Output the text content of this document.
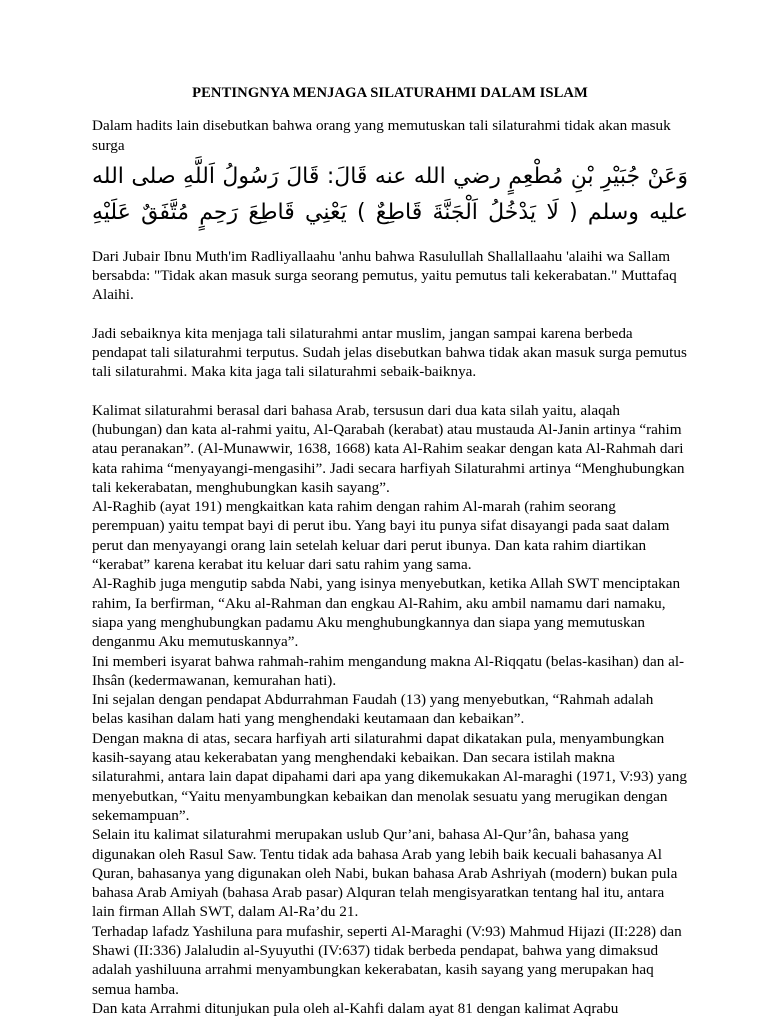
PENTINGNYA MENJAGA SILATURAHMI DALAM ISLAM

Dalam hadits lain disebutkan bahwa orang yang memutuskan tali silaturahmi tidak akan masuk surga

وَعَنْ جُبَيْرِ بْنِ مُطْعِمٍ رضي الله عنه قَالَ: قَالَ رَسُولُ اَللَّهِ صلى الله
عليه وسلم ( لَا يَدْخُلُ اَلْجَنَّةَ قَاطِعٌ ) يَعْنِي قَاطِعَ رَحِمٍ مُتَّفَقٌ عَلَيْهِ

Dari Jubair Ibnu Muth'im Radliyallaahu 'anhu bahwa Rasulullah Shallallaahu 'alaihi wa Sallam bersabda: "Tidak akan masuk surga seorang pemutus, yaitu pemutus tali kekerabatan." Muttafaq Alaihi.

Jadi sebaiknya kita menjaga tali silaturahmi antar muslim, jangan sampai karena berbeda pendapat tali silaturahmi terputus. Sudah jelas disebutkan bahwa tidak akan masuk surga pemutus tali silaturahmi. Maka kita jaga tali silaturahmi sebaik-baiknya.

Kalimat silaturahmi berasal dari bahasa Arab, tersusun dari dua kata silah yaitu, alaqah (hubungan) dan kata al-rahmi yaitu, Al-Qarabah (kerabat) atau mustauda Al-Janin artinya “rahim atau peranakan”. (Al-Munawwir, 1638, 1668) kata Al-Rahim seakar dengan kata Al-Rahmah dari kata rahima “menyayangi-mengasihi”. Jadi secara harfiyah Silaturahmi artinya “Menghubungkan tali kekerabatan, menghubungkan kasih sayang”.

Al-Raghib (ayat 191) mengkaitkan kata rahim dengan rahim Al-marah (rahim seorang perempuan) yaitu tempat bayi di perut ibu. Yang bayi itu punya sifat disayangi pada saat dalam perut dan menyayangi orang lain setelah keluar dari perut ibunya. Dan kata rahim diartikan “kerabat” karena kerabat itu keluar dari satu rahim yang sama.

Al-Raghib juga mengutip sabda Nabi, yang isinya menyebutkan, ketika Allah SWT menciptakan rahim, Ia berfirman, “Aku al-Rahman dan engkau Al-Rahim, aku ambil namamu dari namaku, siapa yang menghubungkan padamu Aku menghubungkannya dan siapa yang memutuskan denganmu Aku memutuskannya”.

Ini memberi isyarat bahwa rahmah-rahim mengandung makna Al-Riqqatu (belas-kasihan) dan al-Ihsân (kedermawanan, kemurahan hati).

Ini sejalan dengan pendapat Abdurrahman Faudah (13) yang menyebutkan, “Rahmah adalah belas kasihan dalam hati yang menghendaki keutamaan dan kebaikan”.

Dengan makna di atas, secara harfiyah arti silaturahmi dapat dikatakan pula, menyambungkan kasih-sayang atau kekerabatan yang menghendaki kebaikan. Dan secara istilah makna silaturahmi, antara lain dapat dipahami dari apa yang dikemukakan Al-maraghi (1971, V:93) yang menyebutkan, “Yaitu menyambungkan kebaikan dan menolak sesuatu yang merugikan dengan sekemampuan”.

Selain itu kalimat silaturahmi merupakan uslub Qur’ani, bahasa Al-Qur’ân, bahasa yang digunakan oleh Rasul Saw. Tentu tidak ada bahasa Arab yang lebih baik kecuali bahasanya Al Quran, bahasanya yang digunakan oleh Nabi, bukan bahasa Arab Ashriyah (modern) bukan pula bahasa Arab Amiyah (bahasa Arab pasar) Alquran telah mengisyaratkan tentang hal itu, antara lain firman Allah SWT, dalam Al-Ra’du 21.

Terhadap lafadz Yashiluna para mufashir, seperti Al-Maraghi (V:93) Mahmud Hijazi (II:228) dan Shawi (II:336) Jalaludin al-Syuyuthi (IV:637) tidak berbeda pendapat, bahwa yang dimaksud adalah yashiluuna arrahmi menyambungkan kekerabatan, kasih sayang yang merupakan haq semua hamba.

Dan kata Arrahmi ditunjukan pula oleh al-Kahfi dalam ayat 81 dengan kalimat Aqrabu
